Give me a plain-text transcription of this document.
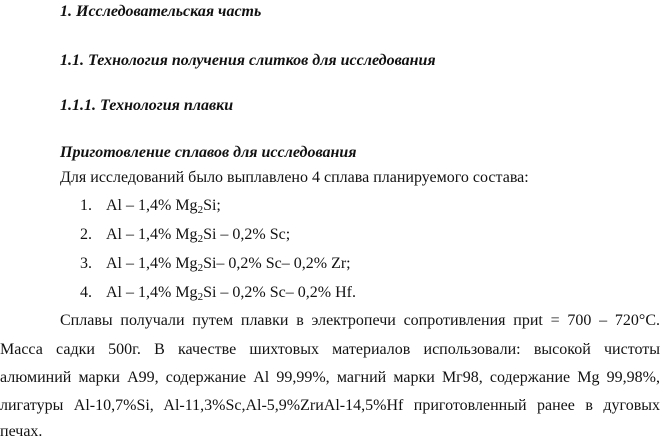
1. Исследовательская часть
1.1. Технология получения слитков для исследования
1.1.1. Технология плавки
Приготовление сплавов для исследования
Для исследований было выплавлено 4 сплава планируемого состава:
1. Al – 1,4% $Mg_2Si$;
2. Al – 1,4% $Mg_2Si - 0,2\%$ Sc;
3. Al – 1,4% $Mg_2Si-$ 0,2% Sc– 0,2% Zr;
4. Al – 1,4% $Mg_2Si - 0,2\%$ Sc– 0,2% Hf.
Сплавы получали путем плавки в электропечи сопротивления приt = 700 – 720°С.
Масса садки 500г. В качестве шихтовых материалов использовали: высокой чистоты
алюминий марки А99, содержание Al 99,99%, магний марки Мг98, содержание Mg 99,98%,
лигатуры Al-10,7%Si, Al-11,3%Sc,Al-5,9%ZrиAl-14,5%Hf приготовленный ранее в дуговых
печах.
